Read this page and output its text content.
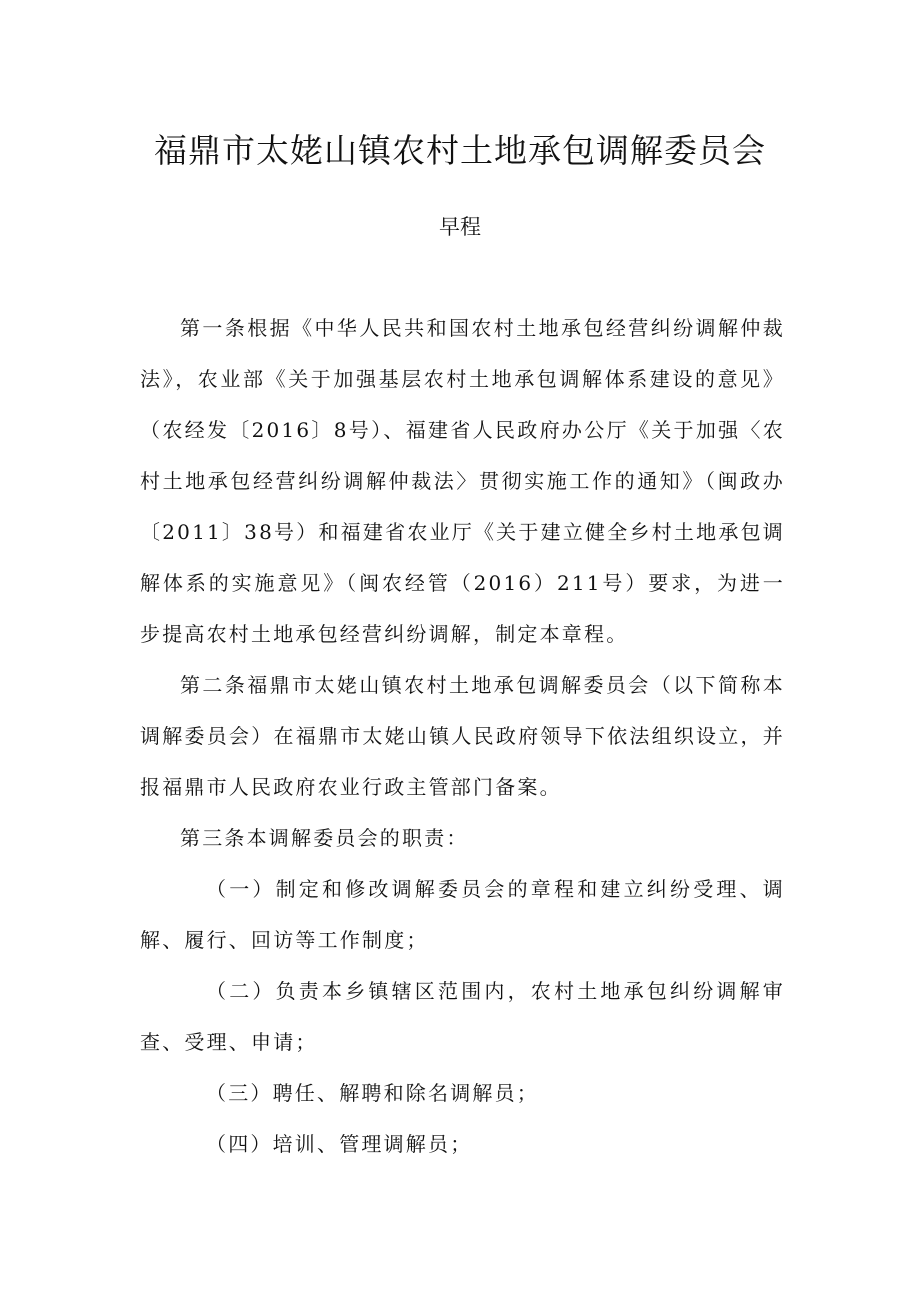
福鼎市太姥山镇农村土地承包调解委员会
早程

第一条根据《中华人民共和国农村土地承包经营纠纷调解仲裁法》，农业部《关于加强基层农村土地承包调解体系建设的意见》（农经发〔2016〕8号）、福建省人民政府办公厅《关于加强〈农村土地承包经营纠纷调解仲裁法〉贯彻实施工作的通知》（闽政办〔2011〕38号）和福建省农业厅《关于建立健全乡村土地承包调解体系的实施意见》（闽农经管（2016）211号）要求，为进一步提高农村土地承包经营纠纷调解，制定本章程。

第二条福鼎市太姥山镇农村土地承包调解委员会（以下简称本调解委员会）在福鼎市太姥山镇人民政府领导下依法组织设立，并报福鼎市人民政府农业行政主管部门备案。

第三条本调解委员会的职责：

（一）制定和修改调解委员会的章程和建立纠纷受理、调解、履行、回访等工作制度；

（二）负责本乡镇辖区范围内，农村土地承包纠纷调解审查、受理、申请；

（三）聘任、解聘和除名调解员；

（四）培训、管理调解员；
